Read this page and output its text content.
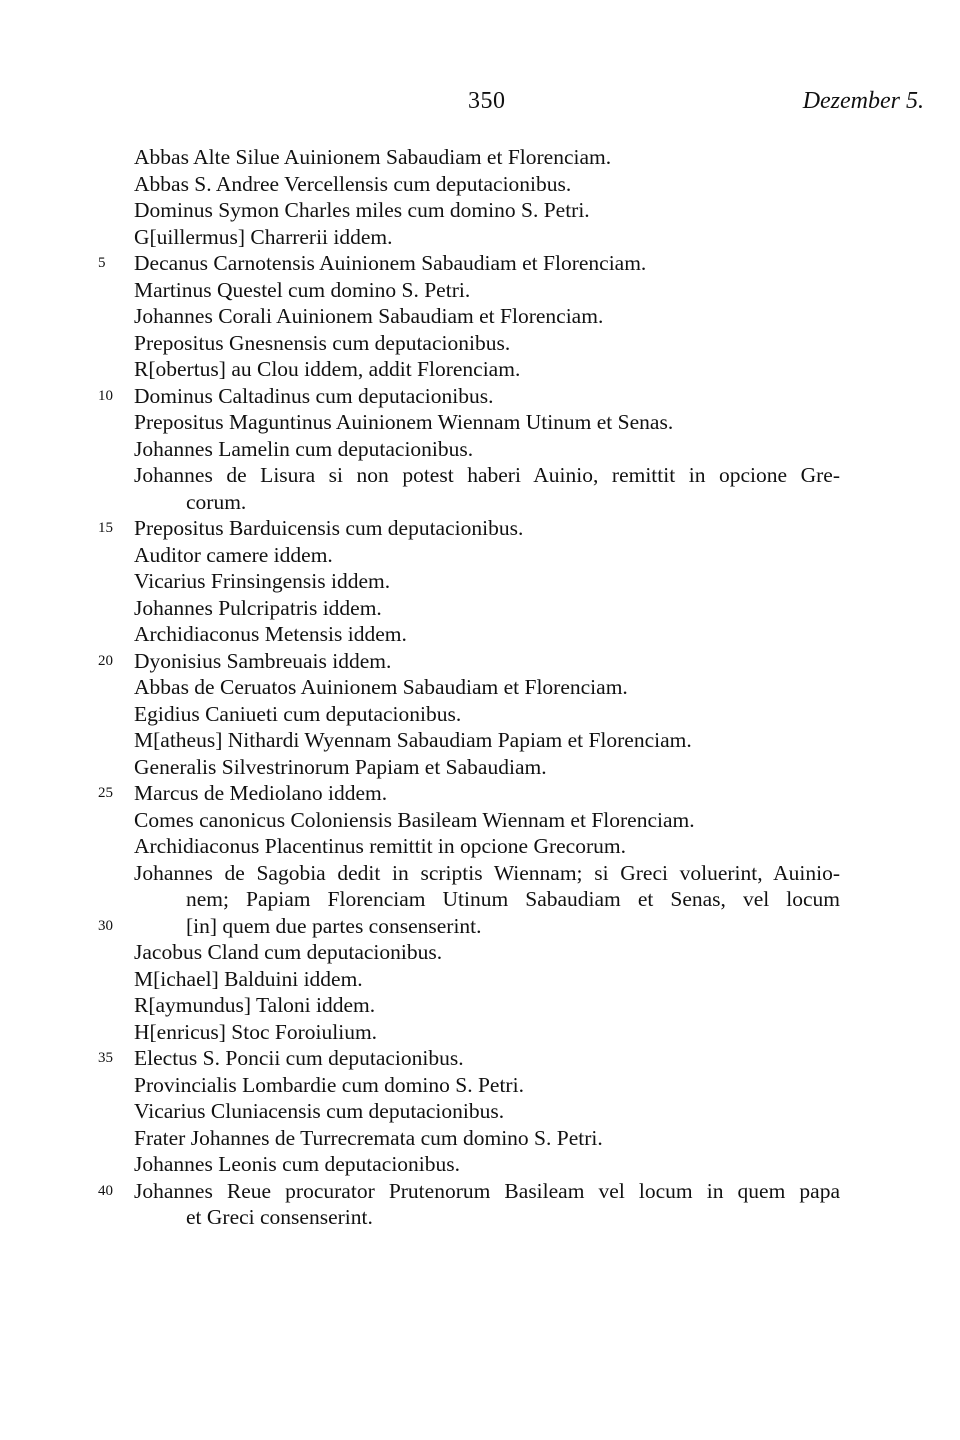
350	Dezember 5.
Abbas Alte Silue Auinionem Sabaudiam et Florenciam.
Abbas S. Andree Vercellensis cum deputacionibus.
Dominus Symon Charles miles cum domino S. Petri.
G[uillermus] Charrerii iddem.
5	Decanus Carnotensis Auinionem Sabaudiam et Florenciam.
Martinus Questel cum domino S. Petri.
Johannes Corali Auinionem Sabaudiam et Florenciam.
Prepositus Gnesnensis cum deputacionibus.
R[obertus] au Clou iddem, addit Florenciam.
10 Dominus Caltadinus cum deputacionibus.
Prepositus Maguntinus Auinionem Wiennam Utinum et Senas.
Johannes Lamelin cum deputacionibus.
Johannes de Lisura si non potest haberi Auinio, remittit in opcione Gre-
corum.
15 Prepositus Barduicensis cum deputacionibus.
Auditor camere iddem.
Vicarius Frinsingensis iddem.
Johannes Pulcripatris iddem.
Archidiaconus Metensis iddem.
20 Dyonisius Sambreuais iddem.
Abbas de Ceruatos Auinionem Sabaudiam et Florenciam.
Egidius Caniueti cum deputacionibus.
M[atheus] Nithardi Wyennam Sabaudiam Papiam et Florenciam.
Generalis Silvestrinorum Papiam et Sabaudiam.
25 Marcus de Mediolano iddem.
Comes canonicus Coloniensis Basileam Wiennam et Florenciam.
Archidiaconus Placentinus remittit in opcione Grecorum.
Johannes de Sagobia dedit in scriptis Wiennam; si Greci voluerint, Auinio-
nem; Papiam Florenciam Utinum Sabaudiam et Senas, vel locum
30	[in] quem due partes consenserint.
Jacobus Cland cum deputacionibus.
M[ichael] Balduini iddem.
R[aymundus] Taloni iddem.
H[enricus] Stoc Foroiulium.
35 Electus S. Poncii cum deputacionibus.
Provincialis Lombardie cum domino S. Petri.
Vicarius Cluniacensis cum deputacionibus.
Frater Johannes de Turrecremata cum domino S. Petri.
Johannes Leonis cum deputacionibus.
40 Johannes Reue procurator Prutenorum Basileam vel locum in quem papa
et Greci consenserint.
